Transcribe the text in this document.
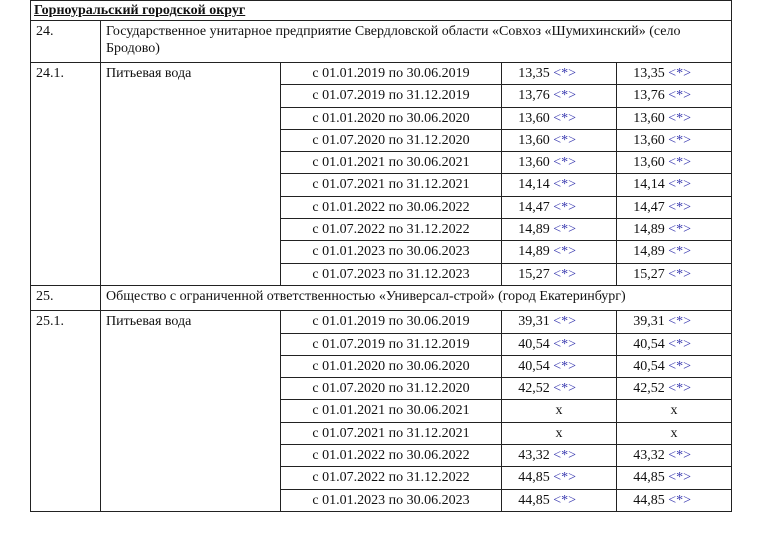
Горноуральский городской округ				
24.	Государственное унитарное предприятие Свердловской области «Совхоз «Шумихинский» (село Бродово)			
24.1.	Питьевая вода	с 01.01.2019 по 30.06.2019	13,35 <*>	13,35 <*>
		с 01.07.2019 по 31.12.2019	13,76 <*>	13,76 <*>
		с 01.01.2020 по 30.06.2020	13,60 <*>	13,60 <*>
		с 01.07.2020 по 31.12.2020	13,60 <*>	13,60 <*>
		с 01.01.2021 по 30.06.2021	13,60 <*>	13,60 <*>
		с 01.07.2021 по 31.12.2021	14,14 <*>	14,14 <*>
		с 01.01.2022 по 30.06.2022	14,47 <*>	14,47 <*>
		с 01.07.2022 по 31.12.2022	14,89 <*>	14,89 <*>
		с 01.01.2023 по 30.06.2023	14,89 <*>	14,89 <*>
		с 01.07.2023 по 31.12.2023	15,27 <*>	15,27 <*>
25.	Общество с ограниченной ответственностью «Универсал-строй» (город Екатеринбург)			
25.1.	Питьевая вода	с 01.01.2019 по 30.06.2019	39,31 <*>	39,31 <*>
		с 01.07.2019 по 31.12.2019	40,54 <*>	40,54 <*>
		с 01.01.2020 по 30.06.2020	40,54 <*>	40,54 <*>
		с 01.07.2020 по 31.12.2020	42,52 <*>	42,52 <*>
		с 01.01.2021 по 30.06.2021	x	x
		с 01.07.2021 по 31.12.2021	x	x
		с 01.01.2022 по 30.06.2022	43,32 <*>	43,32 <*>
		с 01.07.2022 по 31.12.2022	44,85 <*>	44,85 <*>
		с 01.01.2023 по 30.06.2023	44,85 <*>	44,85 <*>
